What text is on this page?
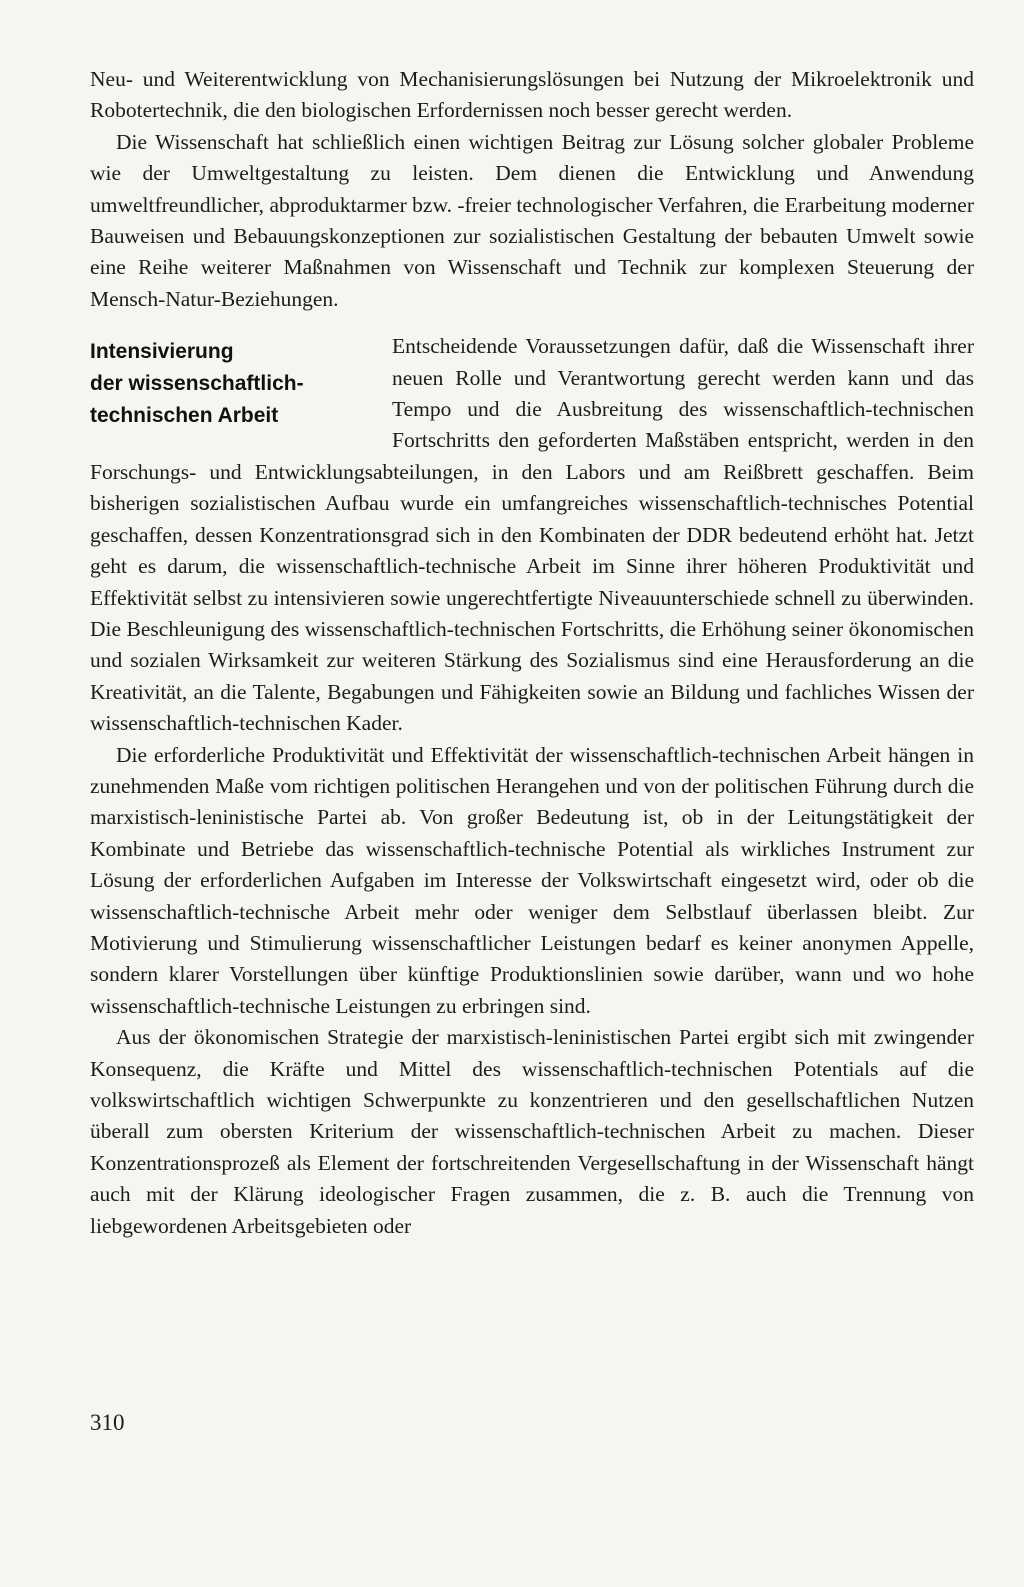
Neu- und Weiterentwicklung von Mechanisierungslösungen bei Nutzung der Mikroelektronik und Robotertechnik, die den biologischen Erfordernissen noch besser gerecht werden.

Die Wissenschaft hat schließlich einen wichtigen Beitrag zur Lösung solcher globaler Probleme wie der Umweltgestaltung zu leisten. Dem dienen die Entwicklung und Anwendung umweltfreundlicher, abproduktarmer bzw. -freier technologischer Verfahren, die Erarbeitung moderner Bauweisen und Bebauungskonzeptionen zur sozialistischen Gestaltung der bebauten Umwelt sowie eine Reihe weiterer Maßnahmen von Wissenschaft und Technik zur komplexen Steuerung der Mensch-Natur-Beziehungen.

Intensivierung
der wissenschaftlich-
technischen Arbeit

Entscheidende Voraussetzungen dafür, daß die Wissenschaft ihrer neuen Rolle und Verantwortung gerecht werden kann und das Tempo und die Ausbreitung des wissenschaftlich-technischen Fortschritts den geforderten Maßstäben entspricht, werden in den Forschungs- und Entwicklungsabteilungen, in den Labors und am Reißbrett geschaffen. Beim bisherigen sozialistischen Aufbau wurde ein umfangreiches wissenschaftlich-technisches Potential geschaffen, dessen Konzentrationsgrad sich in den Kombinaten der DDR bedeutend erhöht hat. Jetzt geht es darum, die wissenschaftlich-technische Arbeit im Sinne ihrer höheren Produktivität und Effektivität selbst zu intensivieren sowie ungerechtfertigte Niveauunterschiede schnell zu überwinden. Die Beschleunigung des wissenschaftlich-technischen Fortschritts, die Erhöhung seiner ökonomischen und sozialen Wirksamkeit zur weiteren Stärkung des Sozialismus sind eine Herausforderung an die Kreativität, an die Talente, Begabungen und Fähigkeiten sowie an Bildung und fachliches Wissen der wissenschaftlich-technischen Kader.

Die erforderliche Produktivität und Effektivität der wissenschaftlich-technischen Arbeit hängen in zunehmenden Maße vom richtigen politischen Herangehen und von der politischen Führung durch die marxistisch-leninistische Partei ab. Von großer Bedeutung ist, ob in der Leitungstätigkeit der Kombinate und Betriebe das wissenschaftlich-technische Potential als wirkliches Instrument zur Lösung der erforderlichen Aufgaben im Interesse der Volkswirtschaft eingesetzt wird, oder ob die wissenschaftlich-technische Arbeit mehr oder weniger dem Selbstlauf überlassen bleibt. Zur Motivierung und Stimulierung wissenschaftlicher Leistungen bedarf es keiner anonymen Appelle, sondern klarer Vorstellungen über künftige Produktionslinien sowie darüber, wann und wo hohe wissenschaftlich-technische Leistungen zu erbringen sind.

Aus der ökonomischen Strategie der marxistisch-leninistischen Partei ergibt sich mit zwingender Konsequenz, die Kräfte und Mittel des wissenschaftlich-technischen Potentials auf die volkswirtschaftlich wichtigen Schwerpunkte zu konzentrieren und den gesellschaftlichen Nutzen überall zum obersten Kriterium der wissenschaftlich-technischen Arbeit zu machen. Dieser Konzentrationsprozeß als Element der fortschreitenden Vergesellschaftung in der Wissenschaft hängt auch mit der Klärung ideologischer Fragen zusammen, die z. B. auch die Trennung von liebgewordenen Arbeitsgebieten oder

310
